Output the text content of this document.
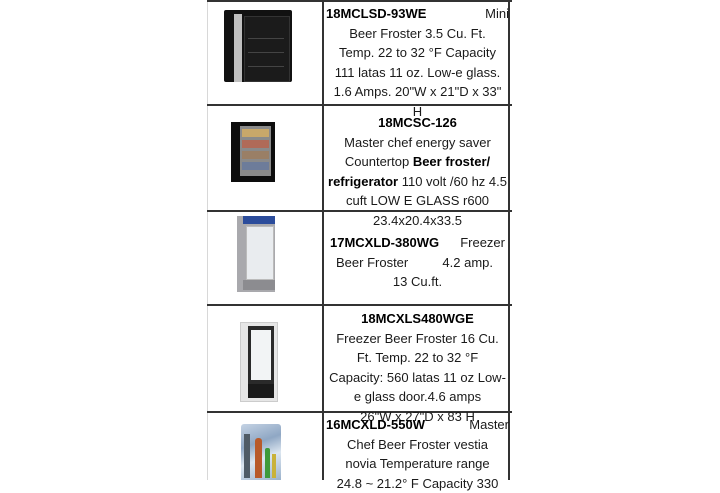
18MCLSD-93WE	Mini
Beer Froster 3.5 Cu. Ft.
Temp. 22 to 32 °F Capacity
111 latas 11 oz. Low-e glass.
1.6 Amps. 20"W x 21"D x 33"
H
18MCSC-126
Master chef energy saver
Countertop Beer froster/
refrigerator 110 volt /60 hz 4.5
cuft LOW E GLASS r600
23.4x20.4x33.5
17MCXLD-380WG Freezer
Beer Froster	4.2 amp.
13 Cu.ft.
18MCXLS480WGE
Freezer Beer Froster 16 Cu.
Ft. Temp. 22 to 32 °F
Capacity: 560 latas 11 oz Low-
e glass door.4.6 amps
26"W x 27"D x 83 H
16MCXLD-550W	Master
Chef Beer Froster vestia
novia Temperature range
24.8 ~ 21.2° F Capacity 330
